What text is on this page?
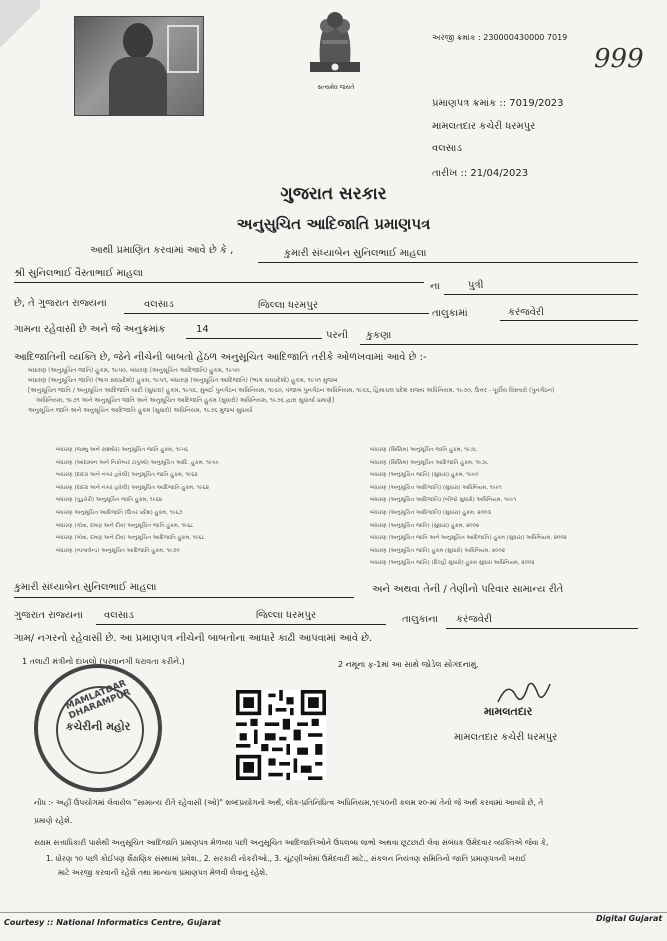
સત્યમેવ જયતે
અરજી ક્રમાંક : 230000430000 7019
999
પ્રમાણપત્ર ક્રમાંક :: 7019/2023
મામલતદાર કચેરી ધરમપુર
વલસાડ
તારીખ :: 21/04/2023
ગુજરાત સરકાર
અનુસુચિત આદિજાતિ પ્રમાણપત્ર
આથી પ્રમાણિત કરવામાં આવે છે કે ,	કુમારી સંધ્યાબેન સુનિલભાઈ માહલા
શ્રી સુનિલભાઈ વૈસ્તાભાઈ માહલા
ના	પુત્રી
છે, તે ગુજરાત રાજ્યના	વલસાડ	જિલ્લા ધરમપુર
તાલુકામાં	કરંજવેરી
ગામના રહેવાસી છે અને જે અનુક્રમાંક	14
પરની કુકણા
આદિજાતિની વ્યક્તિ છે, જેને નીચેની બાબતો હેઠળ અનુસૂચિત આદિજાતિ તરીકે ઓળખવામાં આવે છે :-
બંધારણ (અનુસૂચિત જાતિ) હુકમ, ૧૯૫૦, બંધારણ (અનુસૂચિત આદિજાતિ) હુકમ, ૧૯૫૦
બંધારણ (અનુસૂચિત જાતિ) (ભાગ સંઘપ્રદેશો) હુકમ, ૧૯૫૧, બંધારણ (અનુસૂચિત આદિજાતિ) (ભાગ સંઘપ્રદેશો) હુકમ, ૧૯૫૧ મુજબ
[અનુસૂચિત જાતિ / અનુસૂચિત આદિજાતિ યાદી (સુધારા) હુકમ, ૧૯૫૬, મુંબઈ પુનર્ગઠન અધિનિયમ, ૧૯૬૦, પંજાબ પુનર્ગઠન અધિનિયમ, ૧૯૬૬, હિમાચલ પ્રદેશ રાજ્ય અધિનિયમ, ૧૯૭૦, ઉત્તર - પૂર્વીય વિસ્તારો (પુનર્ગઠન)
અધિનિયમ, ૧૯૭૧ અને અનુસૂચિત જાતિ અને અનુસૂચિત આદિજાતિ હુકમ (સુધારો) અધિનિયમ, ૧૯૭૬ દ્વારા સુધાર્યા પ્રમાણે]
અનુસૂચિત જાતિ અને અનુસૂચિત આદિજાતિ હુકમ (સુધારો) અધિનિયમ, ૧૯૭૬ મુજબ સુધાર્યા
બંધારણ (જમ્મુ અને કાશ્મીર) અનુસૂચિત જાતિ હુકમ, ૧૯૫૬
બંધારણ (આંદામાન અને નિકોબાર ટાપુઓ) અનુસૂચિત આદિ. હુકમ, ૧૯૫૯
બંધારણ (દાદરા અને નગર હવેલી) અનુસૂચિત જાતિ હુકમ, ૧૯૬૨
બંધારણ (દાદરા અને નગર હવેલી) અનુસૂચિત આદિજાતિ હુકમ, ૧૯૬૨
બંધારણ (પુડુચેરી) અનુસૂચિત જાતિ હુકમ, ૧૯૬૪
બંધારણ અનુસૂચિત આદિજાતિ (ઉત્તર પ્રદેશ) હુકમ, ૧૯૬૭
બંધારણ (ગોવા, દમણ અને દીવ) અનુસૂચિત જાતિ હુકમ, ૧૯૬૮
બંધારણ (ગોવા, દમણ અને દીવ) અનુસૂચિત આદિજાતિ હુકમ, ૧૯૬૮
બંધારણ (નાગાલેન્ડ) અનુસૂચિત આદિજાતિ હુકમ, ૧૯૭૦
બંધારણ (સિક્કિમ) અનુસૂચિત જાતિ હુકમ, ૧૯૭૮
બંધારણ (સિક્કિમ) અનુસૂચિત આદિજાતિ હુકમ, ૧૯૭૮
બંધારણ (અનુસૂચિત જાતિ) (સુધારા) હુકમ, ૧૯૯૦
બંધારણ (અનુસૂચિત આદિજાતિ) (સુધારા) અધિનિયમ, ૧૯૯૧
બંધારણ (અનુસૂચિત આદિજાતિ) (બીજો સુધારો) અધિનિયમ, ૧૯૯૧
બંધારણ (અનુસૂચિત આદિજાતિ) (સુધારા) હુકમ, ૨૦૦૩
બંધારણ (અનુસૂચિત જાતિ) (સુધારા) હુકમ, ૨૦૦૨
બંધારણ (અનુસૂચિત જાતિ અને અનુસૂચિત આદિજાતિ) હુકમ (સુધારા) અધિનિયમ, ૨૦૦૨
બંધારણ (અનુસૂચિત જાતિ) હુકમ (સુધારો) અધિનિયમ, ૨૦૦૨
બંધારણ (અનુસૂચિત જાતિ) (દિલ્હી સુધારો) હુકમ સુધારા અધિનિયમ, ૨૦૦૨
કુમારી સંધ્યાબેન સુનિલભાઈ માહલા	અને અથવા તેની / તેણીનો પરિવાર સામાન્ય રીતે
ગુજરાત રાજ્યના વલસાડ	જિલ્લા ધરમપુર	તાલુકાના કરંજવેરી
ગામ/ નગરનો રહેવાસી છે. આ પ્રમાણપત્ર નીચેની બાબતોના આધારે કાઢી આપવામાં આવે છે.
1 તલાટી મંત્રીનો દાખલો (પરવાનગી ધરાવતા કરીને.)	2 નમૂના ફ-1માં આ સાથે જોડેલ સોગંદનામું.
MAMLATDAR DHARAMPUR
કચેરીની મહોર
મામલતદાર
મામલતદાર કચેરી ધરમપુર
નોંધ :- અહીં ઉપયોગમાં લેવાયેલ "સામાન્ય રીતે રહેવાસી (ઓ)" શબ્દપ્રયોગનો અર્થ, લોક-પ્રતિનિધિત્વ અધિનિયમ,૧૯૫૦ની કલમ ૨૦-માં તેનો જે અર્થ કરવામાં આવ્યો છે, તે
પ્રમાણે રહેશે.
સક્ષમ સત્તાધિકારી પાસેથી અનુસૂચિત આદિજાતિ પ્રમાણપત્ર મેળવ્યા પછી અનુસૂચિત આદિજાતિઓને ઉપલબ્ધ લાભો અથવા છૂટછાટો લેવા સંબંધક ઉમેદવાર વ્યક્તિએ જેવા કે,
1. ધોરણ ૧૦ પછી કોઈપણ શૈક્ષણિક સંસ્થામાં પ્રવેશ., 2. સરકારી નોકરીઓ., 3. ચૂંટણીઓમાં ઉમેદવારી માટે., સંકલન નિયંત્રણ સમિતિનો જાતિ પ્રમાણપત્રની ખરાઈ
માટે અરજી કરવાની રહેશે તથા માન્યતા પ્રમાણપત્ર મેળવી લેવાનું રહેશે.
Courtesy :: National Informatics Centre, Gujarat	Digital Gujarat
